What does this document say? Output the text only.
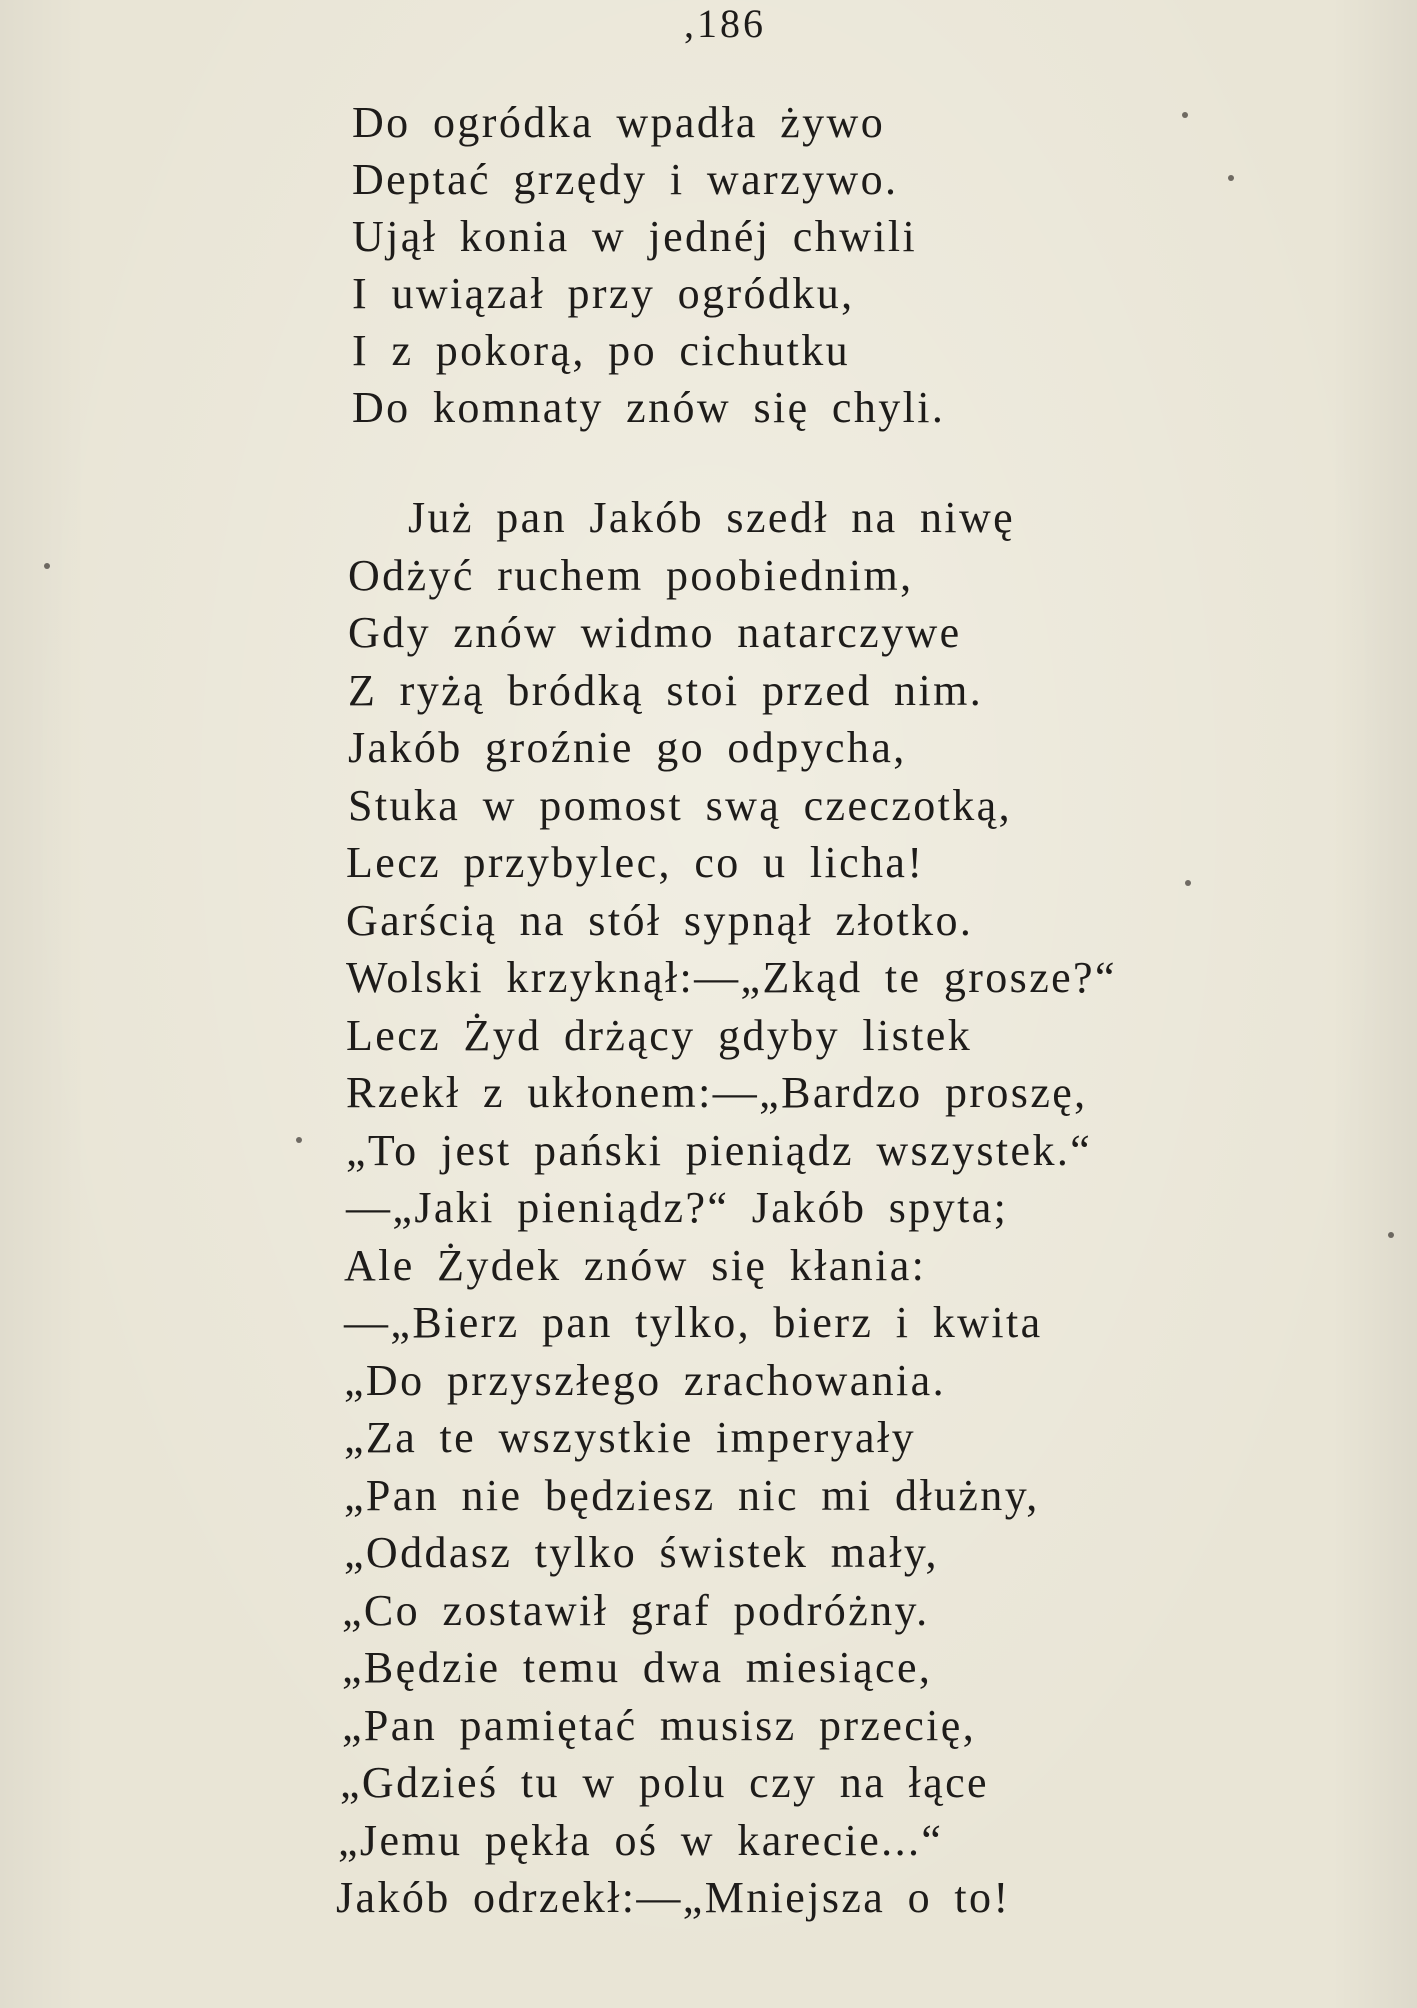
,186
Do ogródka wpadła żywo
Deptać grzędy i warzywo.
Ujął konia w jednéj chwili
I uwiązał przy ogródku,
I z pokorą, po cichutku
Do komnaty znów się chyli.
Już pan Jakób szedł na niwę
Odżyć ruchem poobiednim,
Gdy znów widmo natarczywe
Z ryżą bródką stoi przed nim.
Jakób groźnie go odpycha,
Stuka w pomost swą czeczotką,
Lecz przybylec, co u licha!
Garścią na stół sypnął złotko.
Wolski krzyknął:—„Zkąd te grosze?“
Lecz Żyd drżący gdyby listek
Rzekł z ukłonem:—„Bardzo proszę,
„To jest pański pieniądz wszystek.“
—„Jaki pieniądz?“ Jakób spyta;
Ale Żydek znów się kłania:
—„Bierz pan tylko, bierz i kwita
„Do przyszłego zrachowania.
„Za te wszystkie imperyały
„Pan nie będziesz nic mi dłużny,
„Oddasz tylko świstek mały,
„Co zostawił graf podróżny.
„Będzie temu dwa miesiące,
„Pan pamiętać musisz przecię,
„Gdzieś tu w polu czy na łące
„Jemu pękła oś w karecie...“
Jakób odrzekł:—„Mniejsza o to!
